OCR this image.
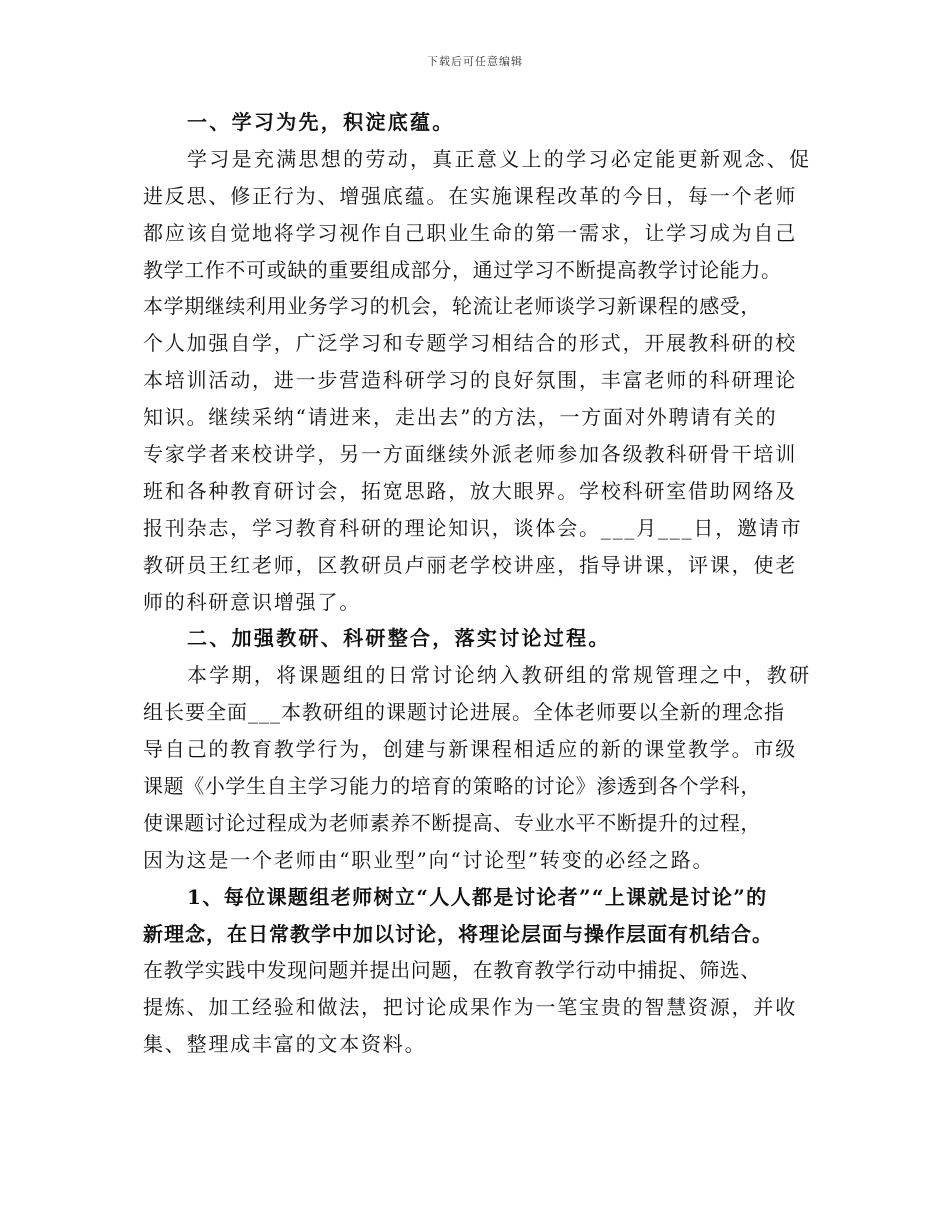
下载后可任意编辑
一、学习为先，积淀底蕴。
学习是充满思想的劳动，真正意义上的学习必定能更新观念、促
进反思、修正行为、增强底蕴。在实施课程改革的今日，每一个老师
都应该自觉地将学习视作自己职业生命的第一需求，让学习成为自己
教学工作不可或缺的重要组成部分，通过学习不断提高教学讨论能力。
本学期继续利用业务学习的机会，轮流让老师谈学习新课程的感受，
个人加强自学，广泛学习和专题学习相结合的形式，开展教科研的校
本培训活动，进一步营造科研学习的良好氛围，丰富老师的科研理论
知识。继续采纳“请进来，走出去”的方法，一方面对外聘请有关的
专家学者来校讲学，另一方面继续外派老师参加各级教科研骨干培训
班和各种教育研讨会，拓宽思路，放大眼界。学校科研室借助网络及
报刊杂志，学习教育科研的理论知识，谈体会。___月___日，邀请市
教研员王红老师，区教研员卢丽老学校讲座，指导讲课，评课，使老
师的科研意识增强了。
二、加强教研、科研整合，落实讨论过程。
本学期，将课题组的日常讨论纳入教研组的常规管理之中，教研
组长要全面___本教研组的课题讨论进展。全体老师要以全新的理念指
导自己的教育教学行为，创建与新课程相适应的新的课堂教学。市级
课题《小学生自主学习能力的培育的策略的讨论》渗透到各个学科，
使课题讨论过程成为老师素养不断提高、专业水平不断提升的过程，
因为这是一个老师由“职业型”向“讨论型”转变的必经之路。
1、每位课题组老师树立“人人都是讨论者”“上课就是讨论”的
新理念，在日常教学中加以讨论，将理论层面与操作层面有机结合。
在教学实践中发现问题并提出问题，在教育教学行动中捕捉、筛选、
提炼、加工经验和做法，把讨论成果作为一笔宝贵的智慧资源，并收
集、整理成丰富的文本资料。
